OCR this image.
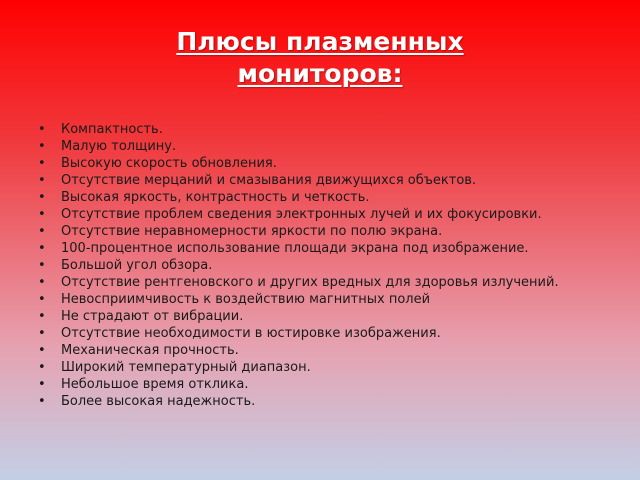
Плюсы плазменных
мониторов:
• Компактность.
• Малую толщину.
• Высокую скорость обновления.
• Отсутствие мерцаний и смазывания движущихся объектов.
• Высокая яркость, контрастность и четкость.
• Отсутствие проблем сведения электронных лучей и их фокусировки.
• Отсутствие неравномерности яркости по полю экрана.
• 100-процентное использование площади экрана под изображение.
• Большой угол обзора.
• Отсутствие рентгеновского и других вредных для здоровья излучений.
• Невосприимчивость к воздействию магнитных полей
• Не страдают от вибрации.
• Отсутствие необходимости в юстировке изображения.
• Механическая прочность.
• Широкий температурный диапазон.
• Небольшое время отклика.
• Более высокая надежность.
